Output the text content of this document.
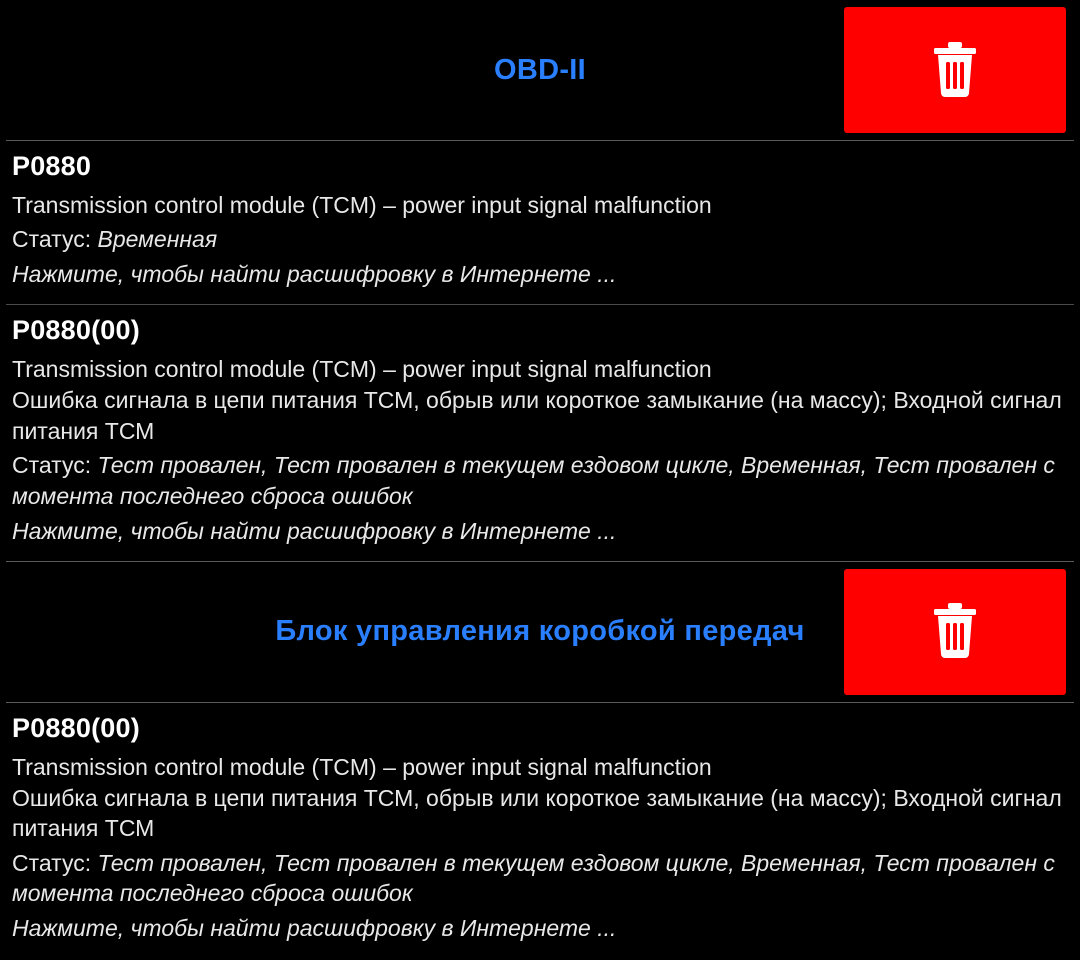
OBD-II
P0880
Transmission control module (TCM) – power input signal malfunction
Статус: Временная
Нажмите, чтобы найти расшифровку в Интернете ...
P0880(00)
Transmission control module (TCM) – power input signal malfunction
Ошибка сигнала в цепи питания ТСМ, обрыв или короткое замыкание (на массу); Входной сигнал питания ТСМ
Статус: Тест провален, Тест провален в текущем ездовом цикле, Временная, Тест провален с момента последнего сброса ошибок
Нажмите, чтобы найти расшифровку в Интернете ...
Блок управления коробкой передач
P0880(00)
Transmission control module (TCM) – power input signal malfunction
Ошибка сигнала в цепи питания ТСМ, обрыв или короткое замыкание (на массу); Входной сигнал питания ТСМ
Статус: Тест провален, Тест провален в текущем ездовом цикле, Временная, Тест провален с момента последнего сброса ошибок
Нажмите, чтобы найти расшифровку в Интернете ...
